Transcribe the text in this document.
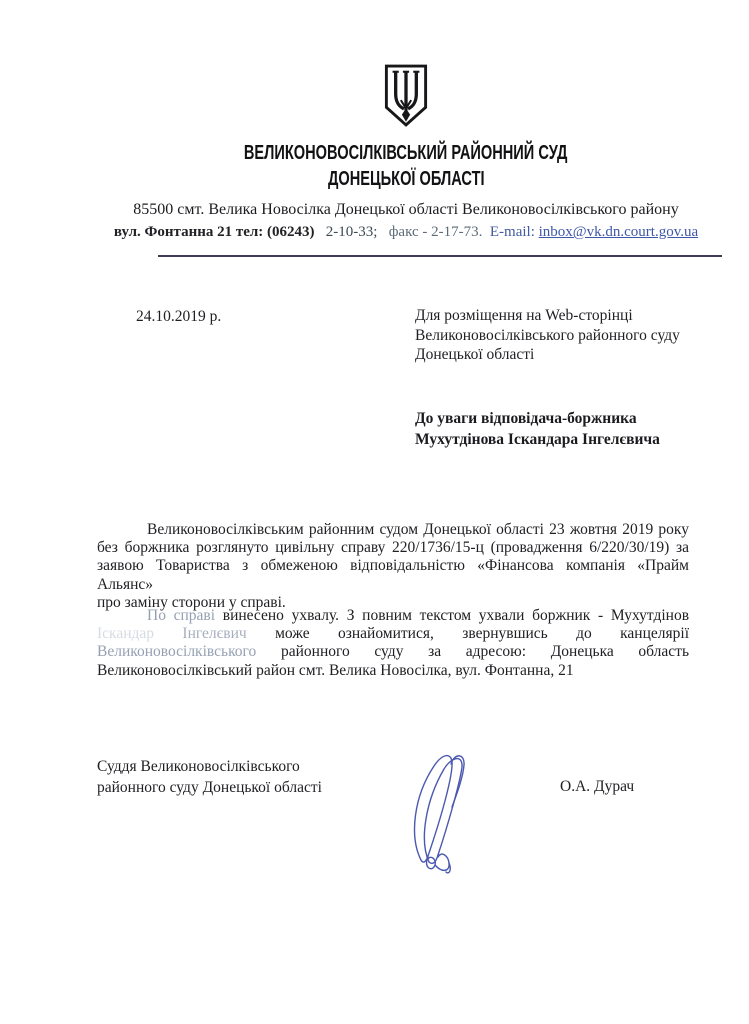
ВЕЛИКОНОВОСІЛКІВСЬКИЙ РАЙОННИЙ СУД
ДОНЕЦЬКОЇ ОБЛАСТІ
85500 смт. Велика Новосілка Донецької області Великоновосілківського району
вул. Фонтанна 21 тел: (06243) 2-10-33; факс - 2-17-73. E-mail: inbox@vk.dn.court.gov.ua
24.10.2019 р.	Для розміщення на Web-сторінці
Великоновосілківського районного суду
Донецької області
До уваги відповідача-боржника
Мухутдінова Іскандара Інгелєвича
Великоновосілківським районним судом Донецької області 23 жовтня 2019 року
без боржника розглянуто цивільну справу 220/1736/15-ц (провадження 6/220/30/19) за
заявою Товариства з обмеженою відповідальністю «Фінансова компанія «Прайм Альянс»
про заміну сторони у справі.
По справі винесено ухвалу. З повним текстом ухвали боржник - Мухутдінов
Іскандар Інгелєвич може ознайомитися, звернувшись до канцелярії
Великоновосілківського районного суду за адресою: Донецька область
Великоновосілківський район смт. Велика Новосілка, вул. Фонтанна, 21
Суддя Великоновосілківського
районного суду Донецької області	О.А. Дурач
